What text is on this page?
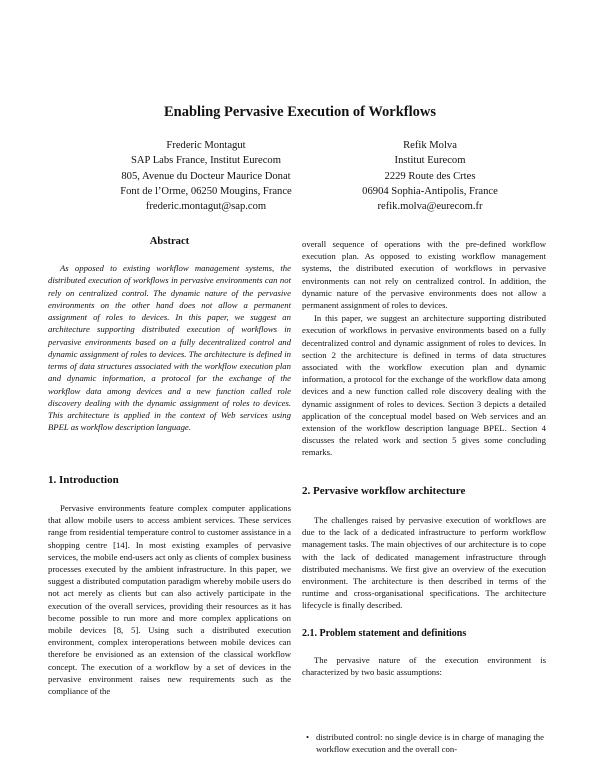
Enabling Pervasive Execution of Workflows
Frederic Montagut
SAP Labs France, Institut Eurecom
805, Avenue du Docteur Maurice Donat
Font de l’Orme, 06250 Mougins, France
frederic.montagut@sap.com
Refik Molva
Institut Eurecom
2229 Route des Crtes
06904 Sophia-Antipolis, France
refik.molva@eurecom.fr
Abstract
As opposed to existing workflow management systems, the distributed execution of workflows in pervasive environments can not rely on centralized control. The dynamic nature of the pervasive environments on the other hand does not allow a permanent assignment of roles to devices. In this paper, we suggest an architecture supporting distributed execution of workflows in pervasive environments based on a fully decentralized control and dynamic assignment of roles to devices. The architecture is defined in terms of data structures associated with the workflow execution plan and dynamic information, a protocol for the exchange of the workflow data among devices and a new function called role discovery dealing with the dynamic assignment of roles to devices. This architecture is applied in the context of Web services using BPEL as workflow description language.
1. Introduction

Pervasive environments feature complex computer applications that allow mobile users to access ambient services. These services range from residential temperature control to customer assistance in a shopping centre [14]. In most existing examples of pervasive services, the mobile end-users act only as clients of complex business processes executed by the ambient infrastructure. In this paper, we suggest a distributed computation paradigm whereby mobile users do not act merely as clients but can also actively participate in the execution of the overall services, providing their resources as it has become possible to run more and more complex applications on mobile devices [8, 5]. Using such a distributed execution environment, complex interoperations between mobile devices can therefore be envisioned as an extension of the classical workflow concept. The execution of a workflow by a set of devices in the pervasive environment raises new requirements such as the compliance of the

overall sequence of operations with the pre-defined workflow execution plan. As opposed to existing workflow management systems, the distributed execution of workflows in pervasive environments can not rely on centralized control. In addition, the dynamic nature of the pervasive environments does not allow a permanent assignment of roles to devices.

In this paper, we suggest an architecture supporting distributed execution of workflows in pervasive environments based on a fully decentralized control and dynamic assignment of roles to devices. In section 2 the architecture is defined in terms of data structures associated with the workflow execution plan and dynamic information, a protocol for the exchange of the workflow data among devices and a new function called role discovery dealing with the dynamic assignment of roles to devices. Section 3 depicts a detailed application of the conceptual model based on Web services and an extension of the workflow description language BPEL. Section 4 discusses the related work and section 5 gives some concluding remarks.

2. Pervasive workflow architecture

The challenges raised by pervasive execution of workflows are due to the lack of a dedicated infrastructure to perform workflow management tasks. The main objectives of our architecture is to cope with the lack of dedicated management infrastructure through distributed mechanisms. We first give an overview of the execution environment. The architecture is then described in terms of the runtime and cross-organisational specifications. The architecture lifecycle is finally described.

2.1. Problem statement and definitions

The pervasive nature of the execution environment is characterized by two basic assumptions:

• distributed control: no single device is in charge of managing the workflow execution and the overall con-
